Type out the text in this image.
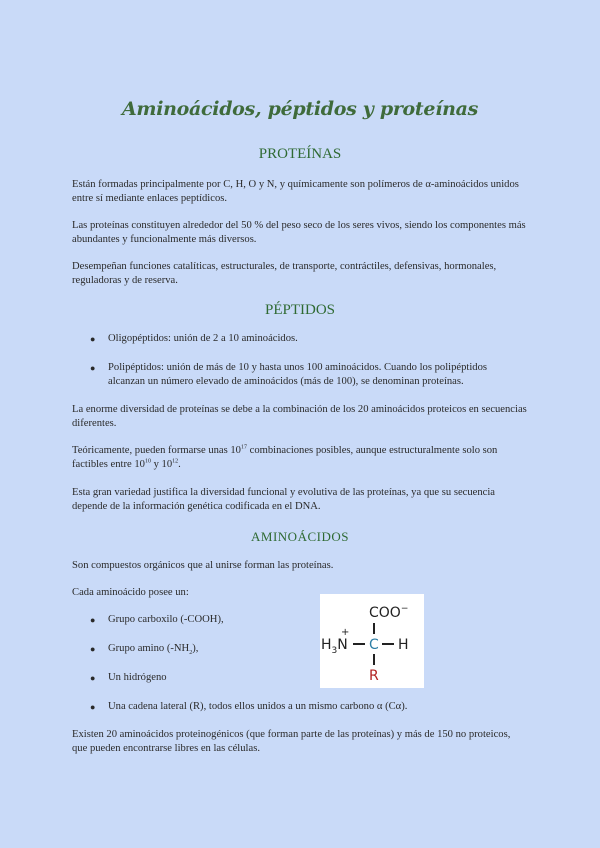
Aminoácidos, péptidos y proteínas
PROTEÍNAS
Están formadas principalmente por C, H, O y N, y químicamente son polímeros de α-aminoácidos unidos entre sí mediante enlaces peptídicos.
Las proteínas constituyen alrededor del 50 % del peso seco de los seres vivos, siendo los componentes más abundantes y funcionalmente más diversos.
Desempeñan funciones catalíticas, estructurales, de transporte, contráctiles, defensivas, hormonales, reguladoras y de reserva.
PÉPTIDOS
● Oligopéptidos: unión de 2 a 10 aminoácidos.
● Polipéptidos: unión de más de 10 y hasta unos 100 aminoácidos. Cuando los polipéptidos alcanzan un número elevado de aminoácidos (más de 100), se denominan proteínas.
La enorme diversidad de proteínas se debe a la combinación de los 20 aminoácidos proteicos en secuencias diferentes.
Teóricamente, pueden formarse unas $10^{17}$ combinaciones posibles, aunque estructuralmente solo son factibles entre $10^{10}$ y $10^{12}$.
Esta gran variedad justifica la diversidad funcional y evolutiva de las proteínas, ya que su secuencia depende de la información genética codificada en el DNA.
AMINOÁCIDOS
Son compuestos orgánicos que al unirse forman las proteínas.
Cada aminoácido posee un:
● Grupo carboxilo (-COOH),
● Grupo amino $(-NH_2)$,
● Un hidrógeno
● Una cadena lateral (R), todos ellos unidos a un mismo carbono α (Cα).
Existen 20 aminoácidos proteinogénicos (que forman parte de las proteínas) y más de 150 no proteicos, que pueden encontrarse libres en las células.
COO−
$H_3N$
+
C H
R
